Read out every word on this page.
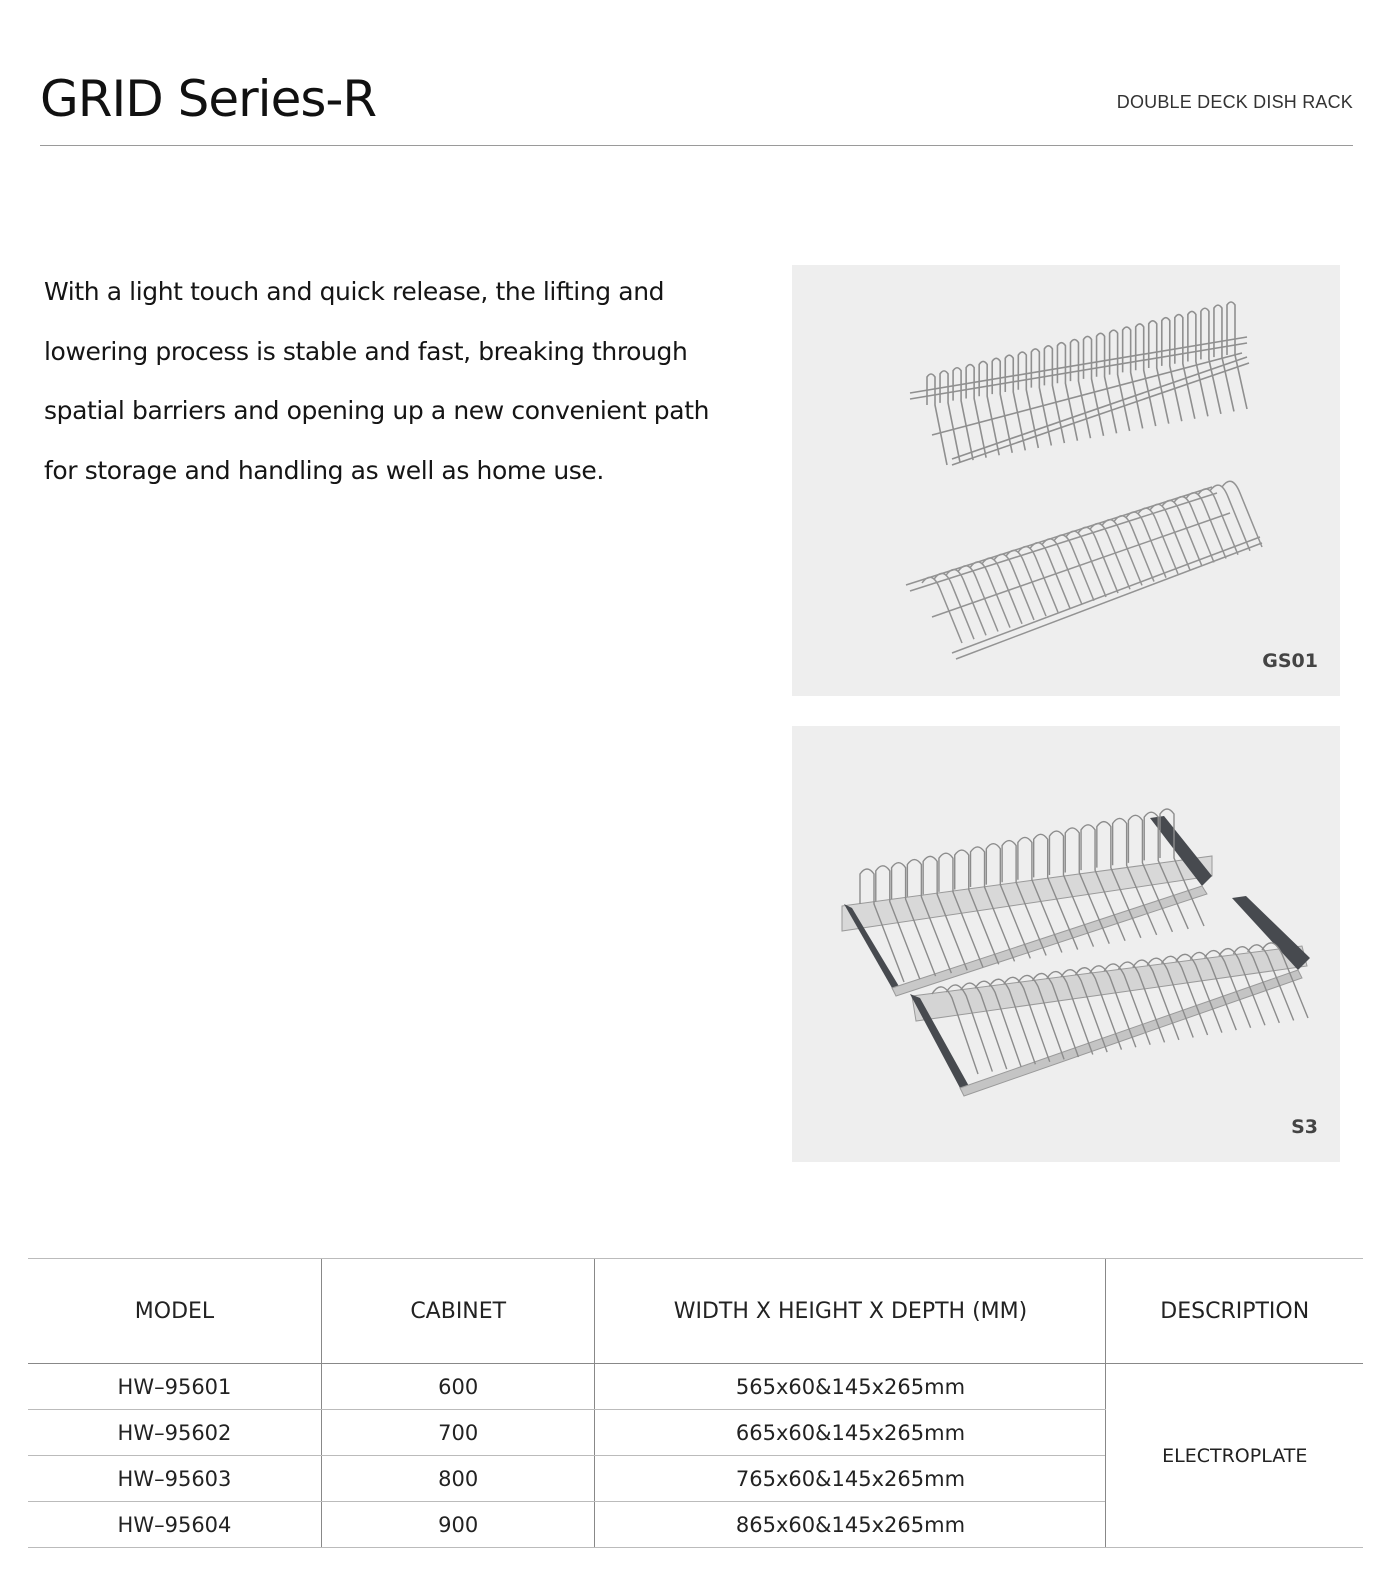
GRID Series-R	DOUBLE DECK DISH RACK

With a light touch and quick release, the lifting and lowering process is stable and fast, breaking through spatial barriers and opening up a new convenient path for storage and handling as well as home use.

GS01
S3
MODEL	CABINET	WIDTH X HEIGHT X DEPTH (MM)	DESCRIPTION
HW–95601	600	565x60&145x265mm	ELECTROPLATE
HW–95602	700	665x60&145x265mm	
HW–95603	800	765x60&145x265mm	
HW–95604	900	865x60&145x265mm	
